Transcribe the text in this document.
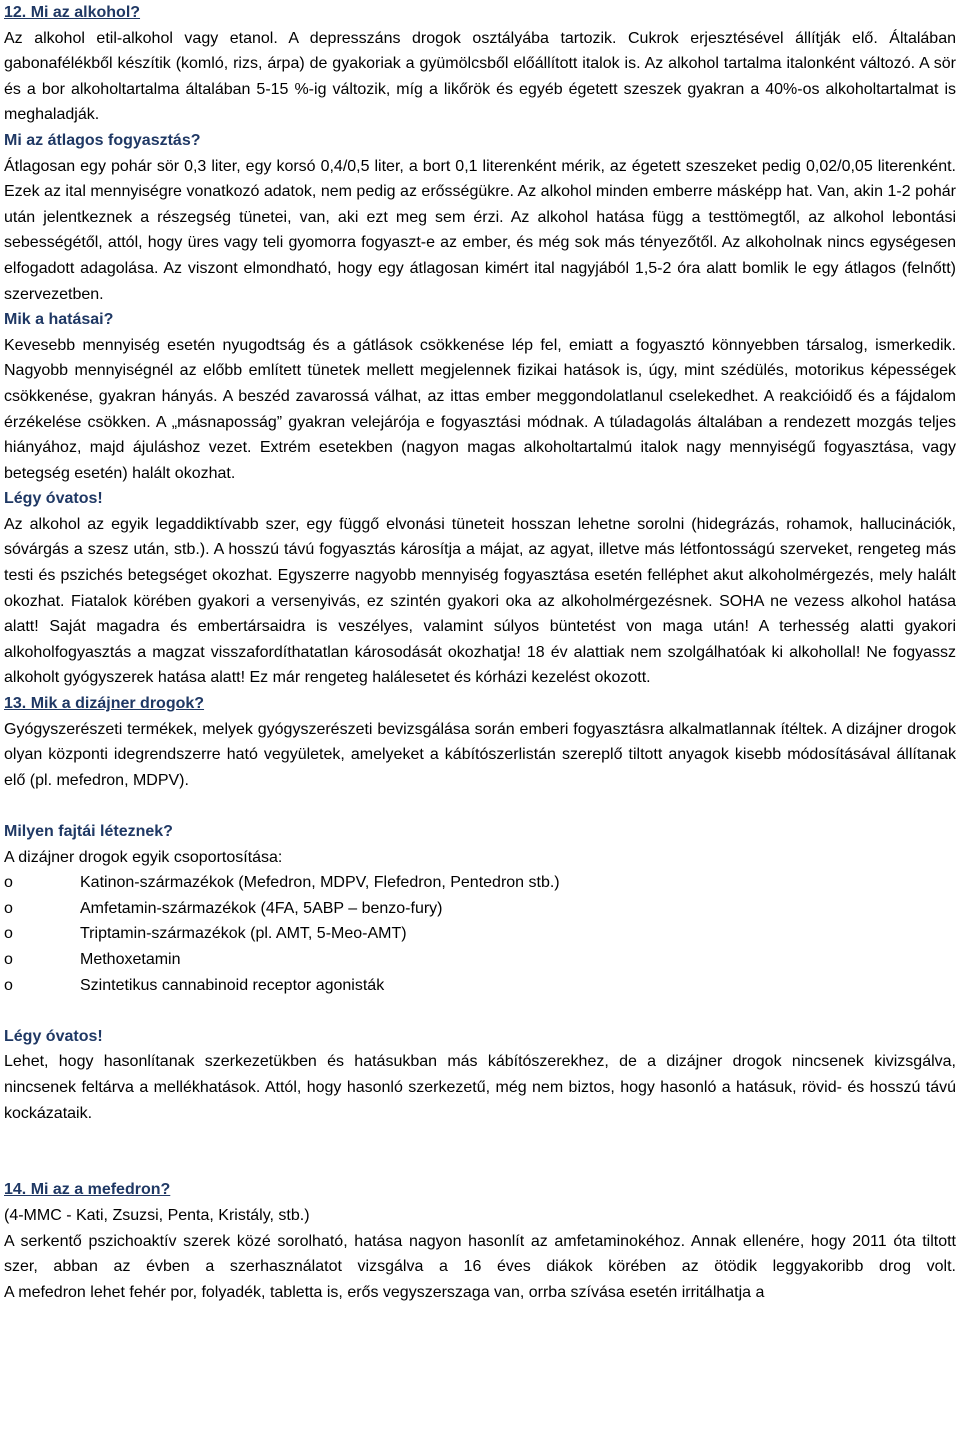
12. Mi az alkohol?

Az alkohol etil-alkohol vagy etanol. A depresszáns drogok osztályába tartozik. Cukrok erjesztésével állítják elő. Általában gabonafélékből készítik (komló, rizs, árpa) de gyakoriak a gyümölcsből előállított italok is. Az alkohol tartalma italonként változó. A sör és a bor alkoholtartalma általában 5-15 %-ig változik, míg a likőrök és egyéb égetett szeszek gyakran a 40%-os alkoholtartalmat is meghaladják.

Mi az átlagos fogyasztás?

Átlagosan egy pohár sör 0,3 liter, egy korsó 0,4/0,5 liter, a bort 0,1 literenként mérik, az égetett szeszeket pedig 0,02/0,05 literenként. Ezek az ital mennyiségre vonatkozó adatok, nem pedig az erősségükre. Az alkohol minden emberre másképp hat. Van, akin 1-2 pohár után jelentkeznek a részegség tünetei, van, aki ezt meg sem érzi. Az alkohol hatása függ a testtömegtől, az alkohol lebontási sebességétől, attól, hogy üres vagy teli gyomorra fogyaszt-e az ember, és még sok más tényezőtől. Az alkoholnak nincs egységesen elfogadott adagolása. Az viszont elmondható, hogy egy átlagosan kimért ital nagyjából 1,5-2 óra alatt bomlik le egy átlagos (felnőtt) szervezetben.

Mik a hatásai?

Kevesebb mennyiség esetén nyugodtság és a gátlások csökkenése lép fel, emiatt a fogyasztó könnyebben társalog, ismerkedik. Nagyobb mennyiségnél az előbb említett tünetek mellett megjelennek fizikai hatások is, úgy, mint szédülés, motorikus képességek csökkenése, gyakran hányás. A beszéd zavarossá válhat, az ittas ember meggondolatlanul cselekedhet. A reakcióidő és a fájdalom érzékelése csökken. A „másnaposság” gyakran velejárója e fogyasztási módnak. A túladagolás általában a rendezett mozgás teljes hiányához, majd ájuláshoz vezet. Extrém esetekben (nagyon magas alkoholtartalmú italok nagy mennyiségű fogyasztása, vagy betegség esetén) halált okozhat.

Légy óvatos!

Az alkohol az egyik legaddiktívabb szer, egy függő elvonási tüneteit hosszan lehetne sorolni (hidegrázás, rohamok, hallucinációk, sóvárgás a szesz után, stb.). A hosszú távú fogyasztás károsítja a májat, az agyat, illetve más létfontosságú szerveket, rengeteg más testi és pszichés betegséget okozhat. Egyszerre nagyobb mennyiség fogyasztása esetén felléphet akut alkoholmérgezés, mely halált okozhat. Fiatalok körében gyakori a versenyivás, ez szintén gyakori oka az alkoholmérgezésnek. SOHA ne vezess alkohol hatása alatt! Saját magadra és embertársaidra is veszélyes, valamint súlyos büntetést von maga után! A terhesség alatti gyakori alkoholfogyasztás a magzat visszafordíthatatlan károsodását okozhatja! 18 év alattiak nem szolgálhatóak ki alkohollal! Ne fogyassz alkoholt gyógyszerek hatása alatt! Ez már rengeteg halálesetet és kórházi kezelést okozott.

13. Mik a dizájner drogok?

Gyógyszerészeti termékek, melyek gyógyszerészeti bevizsgálása során emberi fogyasztásra alkalmatlannak ítéltek. A dizájner drogok olyan központi idegrendszerre ható vegyületek, amelyeket a kábítószerlistán szereplő tiltott anyagok kisebb módosításával állítanak elő (pl. mefedron, MDPV).

Milyen fajtái léteznek?

A dizájner drogok egyik csoportosítása:

o	Katinon-származékok (Mefedron, MDPV, Flefedron, Pentedron stb.)
o	Amfetamin-származékok (4FA, 5ABP – benzo-fury)
o	Triptamin-származékok (pl. AMT, 5-Meo-AMT)
o	Methoxetamin
o	Szintetikus cannabinoid receptor agonisták
Légy óvatos!

Lehet, hogy hasonlítanak szerkezetükben és hatásukban más kábítószerekhez, de a dizájner drogok nincsenek kivizsgálva, nincsenek feltárva a mellékhatások. Attól, hogy hasonló szerkezetű, még nem biztos, hogy hasonló a hatásuk, rövid- és hosszú távú kockázataik.

14. Mi az a mefedron?

(4-MMC - Kati, Zsuzsi, Penta, Kristály, stb.)

A serkentő pszichoaktív szerek közé sorolható, hatása nagyon hasonlít az amfetaminokéhoz. Annak ellenére, hogy 2011 óta tiltott szer, abban az évben a szerhasználatot vizsgálva a 16 éves diákok körében az ötödik leggyakoribb drog volt.

A mefedron lehet fehér por, folyadék, tabletta is, erős vegyszerszaga van, orrba szívása esetén irritálhatja a
